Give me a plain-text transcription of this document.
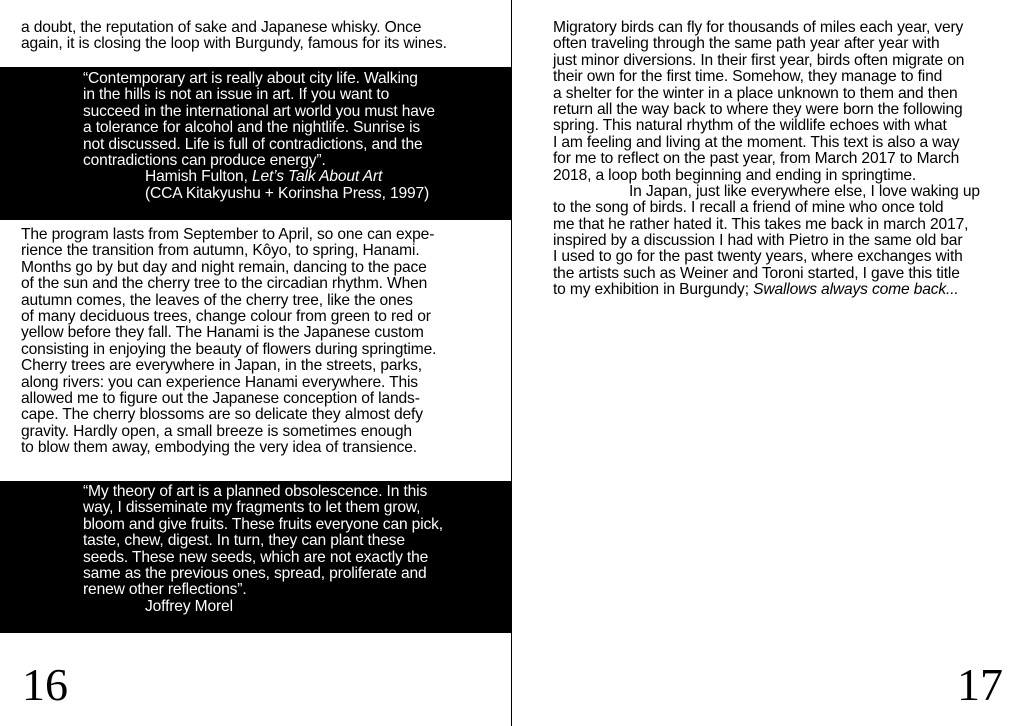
a doubt, the reputation of sake and Japanese whisky. Once
again, it is closing the loop with Burgundy, famous for its wines.
“Contemporary art is really about city life. Walking
in the hills is not an issue in art. If you want to
succeed in the international art world you must have
a tolerance for alcohol and the nightlife. Sunrise is
not discussed. Life is full of contradictions, and the
contradictions can produce energy”.
Hamish Fulton, Let’s Talk About Art
(CCA Kitakyushu + Korinsha Press, 1997)
The program lasts from September to April, so one can expe-
rience the transition from autumn, Kôyo, to spring, Hanami.
Months go by but day and night remain, dancing to the pace
of the sun and the cherry tree to the circadian rhythm. When
autumn comes, the leaves of the cherry tree, like the ones
of many deciduous trees, change colour from green to red or
yellow before they fall. The Hanami is the Japanese custom
consisting in enjoying the beauty of flowers during springtime.
Cherry trees are everywhere in Japan, in the streets, parks,
along rivers: you can experience Hanami everywhere. This
allowed me to figure out the Japanese conception of lands-
cape. The cherry blossoms are so delicate they almost defy
gravity. Hardly open, a small breeze is sometimes enough
to blow them away, embodying the very idea of transience.
“My theory of art is a planned obsolescence. In this
way, I disseminate my fragments to let them grow,
bloom and give fruits. These fruits everyone can pick,
taste, chew, digest. In turn, they can plant these
seeds. These new seeds, which are not exactly the
same as the previous ones, spread, proliferate and
renew other reflections”.
Joffrey Morel
16
Migratory birds can fly for thousands of miles each year, very
often traveling through the same path year after year with
just minor diversions. In their first year, birds often migrate on
their own for the first time. Somehow, they manage to find
a shelter for the winter in a place unknown to them and then
return all the way back to where they were born the following
spring. This natural rhythm of the wildlife echoes with what
I am feeling and living at the moment. This text is also a way
for me to reflect on the past year, from March 2017 to March
2018, a loop both beginning and ending in springtime.
In Japan, just like everywhere else, I love waking up
to the song of birds. I recall a friend of mine who once told
me that he rather hated it. This takes me back in march 2017,
inspired by a discussion I had with Pietro in the same old bar
I used to go for the past twenty years, where exchanges with
the artists such as Weiner and Toroni started, I gave this title
to my exhibition in Burgundy; Swallows always come back...
17
